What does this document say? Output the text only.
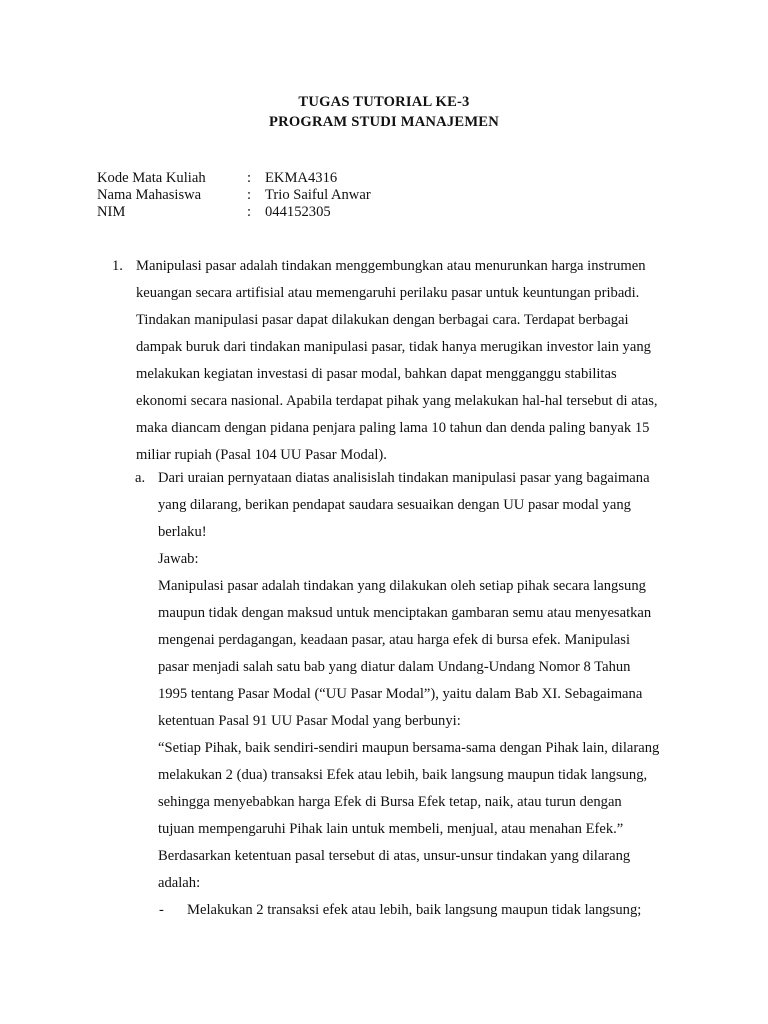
TUGAS TUTORIAL KE-3
PROGRAM STUDI MANAJEMEN
Kode Mata Kuliah	: EKMA4316
Nama Mahasiswa	: Trio Saiful Anwar
NIM	: 044152305
1. Manipulasi pasar adalah tindakan menggembungkan atau menurunkan harga instrumen
keuangan secara artifisial atau memengaruhi perilaku pasar untuk keuntungan pribadi.
Tindakan manipulasi pasar dapat dilakukan dengan berbagai cara. Terdapat berbagai
dampak buruk dari tindakan manipulasi pasar, tidak hanya merugikan investor lain yang
melakukan kegiatan investasi di pasar modal, bahkan dapat mengganggu stabilitas
ekonomi secara nasional. Apabila terdapat pihak yang melakukan hal-hal tersebut di atas,
maka diancam dengan pidana penjara paling lama 10 tahun dan denda paling banyak 15
miliar rupiah (Pasal 104 UU Pasar Modal).
a. Dari uraian pernyataan diatas analisislah tindakan manipulasi pasar yang bagaimana
yang dilarang, berikan pendapat saudara sesuaikan dengan UU pasar modal yang
berlaku!
Jawab:
Manipulasi pasar adalah tindakan yang dilakukan oleh setiap pihak secara langsung
maupun tidak dengan maksud untuk menciptakan gambaran semu atau menyesatkan
mengenai perdagangan, keadaan pasar, atau harga efek di bursa efek. Manipulasi
pasar menjadi salah satu bab yang diatur dalam Undang-Undang Nomor 8 Tahun
1995 tentang Pasar Modal (“UU Pasar Modal”), yaitu dalam Bab XI. Sebagaimana
ketentuan Pasal 91 UU Pasar Modal yang berbunyi:
“Setiap Pihak, baik sendiri-sendiri maupun bersama-sama dengan Pihak lain, dilarang
melakukan 2 (dua) transaksi Efek atau lebih, baik langsung maupun tidak langsung,
sehingga menyebabkan harga Efek di Bursa Efek tetap, naik, atau turun dengan
tujuan mempengaruhi Pihak lain untuk membeli, menjual, atau menahan Efek.”
Berdasarkan ketentuan pasal tersebut di atas, unsur-unsur tindakan yang dilarang
adalah:
- Melakukan 2 transaksi efek atau lebih, baik langsung maupun tidak langsung;
